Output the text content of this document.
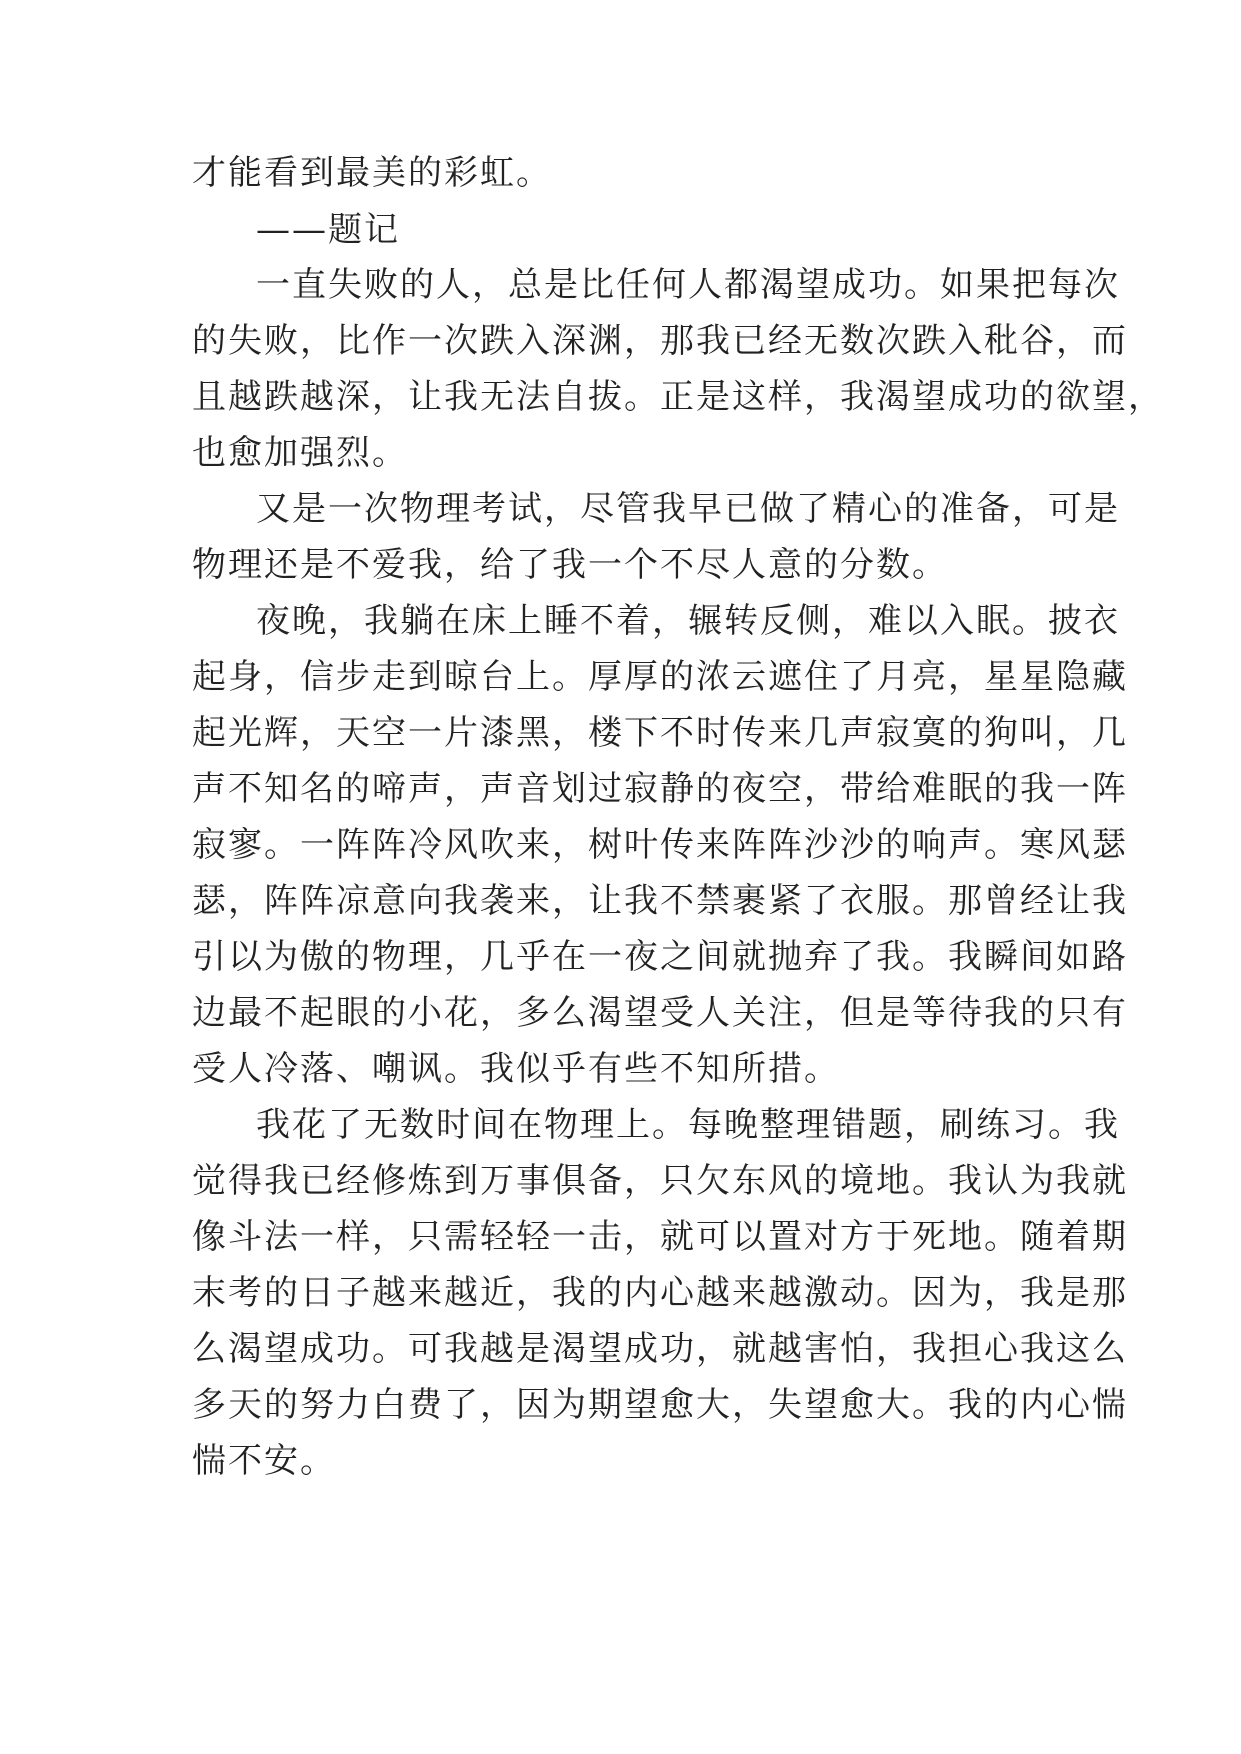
才能看到最美的彩虹。

——题记

一直失败的人，总是比任何人都渴望成功。如果把每次

的失败，比作一次跌入深渊，那我已经无数次跌入秕谷，而

且越跌越深，让我无法自拔。正是这样，我渴望成功的欲望，

也愈加强烈。

又是一次物理考试，尽管我早已做了精心的准备，可是

物理还是不爱我，给了我一个不尽人意的分数。

夜晚，我躺在床上睡不着，辗转反侧，难以入眠。披衣

起身，信步走到晾台上。厚厚的浓云遮住了月亮，星星隐藏

起光辉，天空一片漆黑，楼下不时传来几声寂寞的狗叫，几

声不知名的啼声，声音划过寂静的夜空，带给难眠的我一阵

寂寥。一阵阵冷风吹来，树叶传来阵阵沙沙的响声。寒风瑟

瑟，阵阵凉意向我袭来，让我不禁裹紧了衣服。那曾经让我

引以为傲的物理，几乎在一夜之间就抛弃了我。我瞬间如路

边最不起眼的小花，多么渴望受人关注，但是等待我的只有

受人冷落、嘲讽。我似乎有些不知所措。

我花了无数时间在物理上。每晚整理错题，刷练习。我

觉得我已经修炼到万事俱备，只欠东风的境地。我认为我就

像斗法一样，只需轻轻一击，就可以置对方于死地。随着期

末考的日子越来越近，我的内心越来越激动。因为，我是那

么渴望成功。可我越是渴望成功，就越害怕，我担心我这么

多天的努力白费了，因为期望愈大，失望愈大。我的内心惴

惴不安。
